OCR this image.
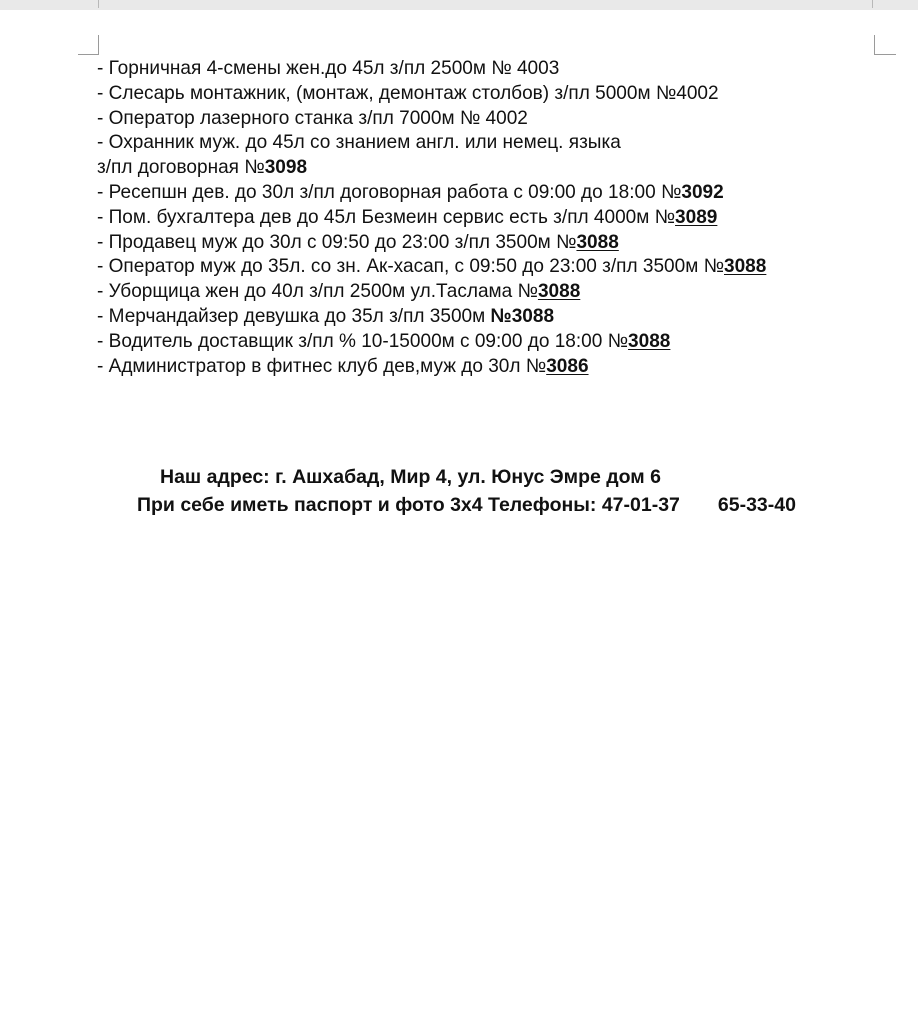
- Горничная 4-смены жен.до 45л з/пл 2500м № 4003
- Слесарь монтажник, (монтаж, демонтаж столбов) з/пл 5000м №4002
- Оператор лазерного станка з/пл 7000м № 4002
- Охранник муж. до 45л со знанием англ. или немец. языка
з/пл договорная №3098
- Ресепшн дев. до 30л з/пл договорная работа с 09:00 до 18:00 №3092
- Пом. бухгалтера дев до 45л Безмеин сервис есть з/пл 4000м №3089
- Продавец муж до 30л с 09:50 до 23:00 з/пл 3500м №3088
- Оператор муж до 35л. со зн. Ак-хасап, с 09:50 до 23:00 з/пл 3500м №3088
- Уборщица жен до 40л з/пл 2500м ул.Таслама №3088
- Мерчандайзер девушка до 35л з/пл 3500м №3088
- Водитель доставщик з/пл % 10-15000м с 09:00 до 18:00 №3088
- Администратор в фитнес клуб дев,муж до 30л №3086
Наш адрес: г. Ашхабад, Мир 4, ул. Юнус Эмре дом 6
При себе иметь паспорт и фото 3х4 Телефоны: 47-01-37 65-33-40
